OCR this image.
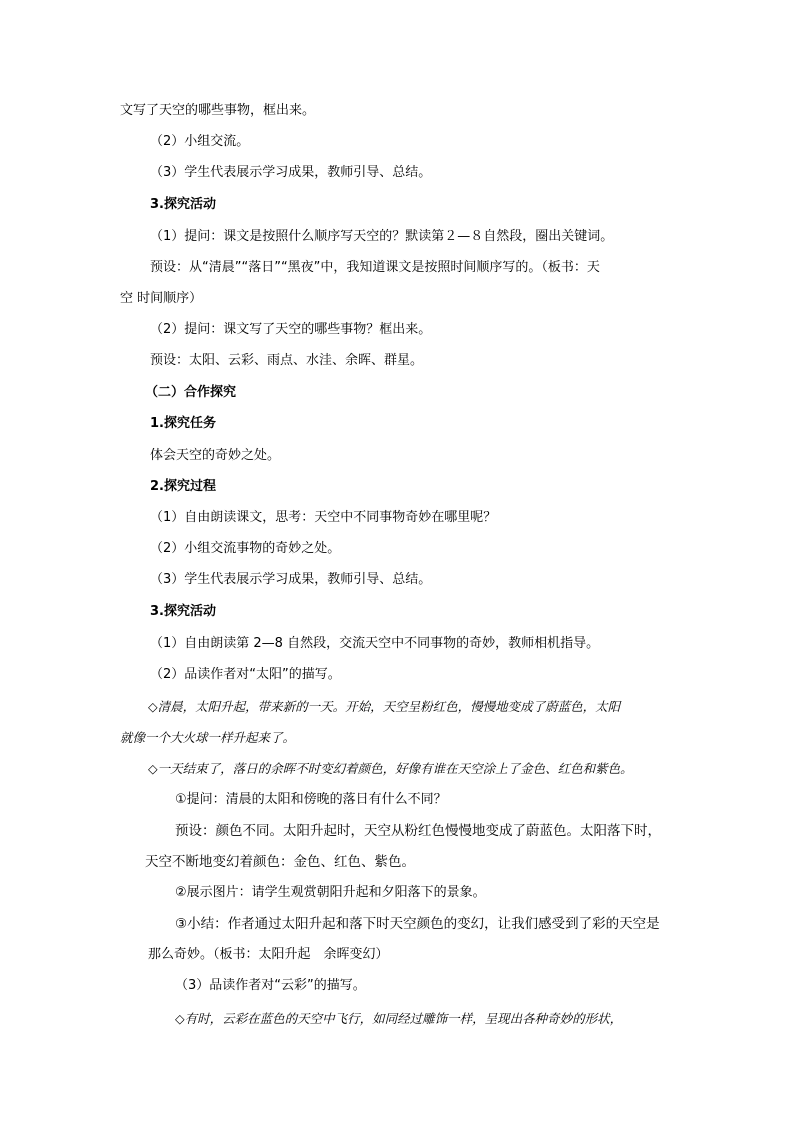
文写了天空的哪些事物，框出来。
（2）小组交流。
（3）学生代表展示学习成果，教师引导、总结。
3.探究活动
（1）提问：课文是按照什么顺序写天空的？默读第２—８自然段，圈出关键词。
预设：从“清晨”“落日”“黑夜”中，我知道课文是按照时间顺序写的。（板书：天
空 时间顺序）
（2）提问：课文写了天空的哪些事物？框出来。
预设：太阳、云彩、雨点、水洼、余晖、群星。
（二）合作探究
1.探究任务
体会天空的奇妙之处。
2.探究过程
（1）自由朗读课文，思考：天空中不同事物奇妙在哪里呢？
（2）小组交流事物的奇妙之处。
（3）学生代表展示学习成果，教师引导、总结。
3.探究活动
（1）自由朗读第 2—8 自然段，交流天空中不同事物的奇妙，教师相机指导。
（2）品读作者对“太阳”的描写。
◇清晨，太阳升起，带来新的一天。开始，天空呈粉红色，慢慢地变成了蔚蓝色，太阳
就像一个大火球一样升起来了。
◇一天结束了，落日的余晖不时变幻着颜色，好像有谁在天空涂上了金色、红色和紫色。
①提问：清晨的太阳和傍晚的落日有什么不同？
预设：颜色不同。太阳升起时，天空从粉红色慢慢地变成了蔚蓝色。太阳落下时，
天空不断地变幻着颜色：金色、红色、紫色。
②展示图片：请学生观赏朝阳升起和夕阳落下的景象。
③小结：作者通过太阳升起和落下时天空颜色的变幻，让我们感受到了彩的天空是
那么奇妙。（板书：太阳升起　余晖变幻）
（3）品读作者对“云彩”的描写。
◇有时，云彩在蓝色的天空中飞行，如同经过雕饰一样，呈现出各种奇妙的形状，
